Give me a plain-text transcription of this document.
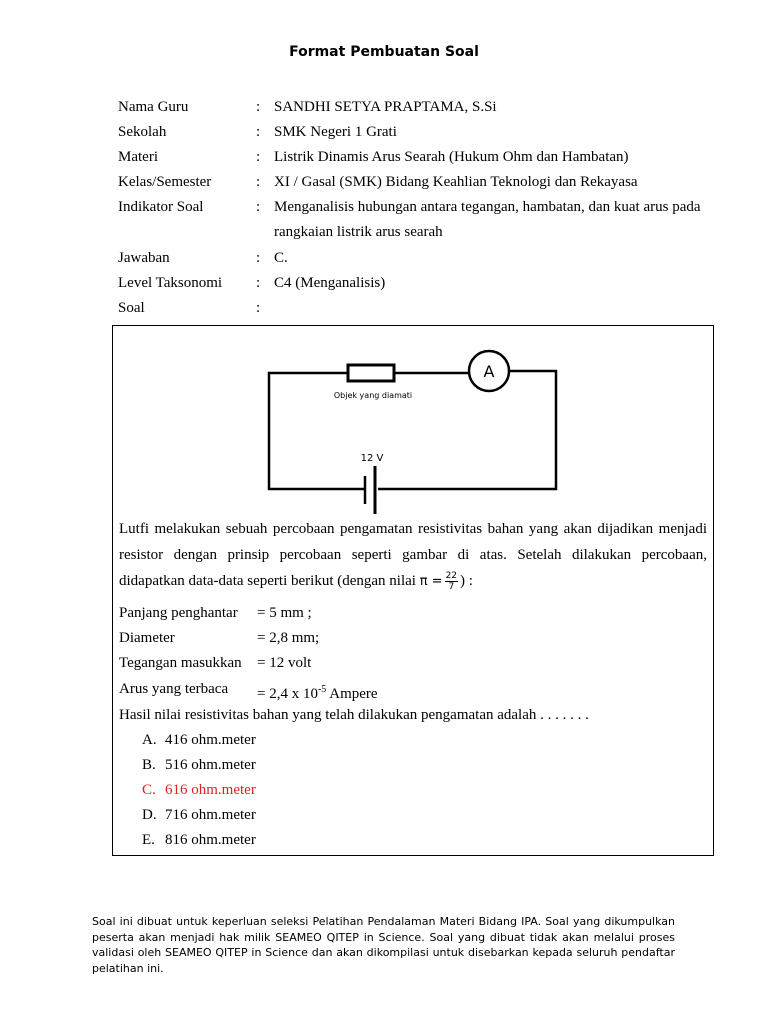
Format Pembuatan Soal
Nama Guru	: SANDHI SETYA PRAPTAMA, S.Si
Sekolah	: SMK Negeri 1 Grati
Materi	: Listrik Dinamis Arus Searah (Hukum Ohm dan Hambatan)
Kelas/Semester	: XI / Gasal (SMK) Bidang Keahlian Teknologi dan Rekayasa
Indikator Soal	: Menganalisis hubungan antara tegangan, hambatan, dan kuat arus pada
rangkaian listrik arus searah
Jawaban	: C.
Level Taksonomi	: C4 (Menganalisis)
Soal	:
A
Objek yang diamati
12 V
Lutfi melakukan sebuah percobaan pengamatan resistivitas bahan yang akan dijadikan menjadi resistor dengan prinsip percobaan seperti gambar di atas. Setelah dilakukan percobaan, didapatkan data-data seperti berikut (dengan nilai $\pi = \frac{22}{7}$ ) :
Panjang penghantar = 5 mm ;
Diameter	= 2,8 mm;
Tegangan masukkan = 12 volt
Arus yang terbaca = 2,4 x $10^{-5}$ Ampere
Hasil nilai resistivitas bahan yang telah dilakukan pengamatan adalah . . . . . . .
A. 416 ohm.meter
B. 516 ohm.meter
C. 616 ohm.meter
D. 716 ohm.meter
E. 816 ohm.meter
Soal ini dibuat untuk keperluan seleksi Pelatihan Pendalaman Materi Bidang IPA. Soal yang dikumpulkan peserta akan menjadi hak milik SEAMEO QITEP in Science. Soal yang dibuat tidak akan melalui proses validasi oleh SEAMEO QITEP in Science dan akan dikompilasi untuk disebarkan kepada seluruh pendaftar pelatihan ini.
